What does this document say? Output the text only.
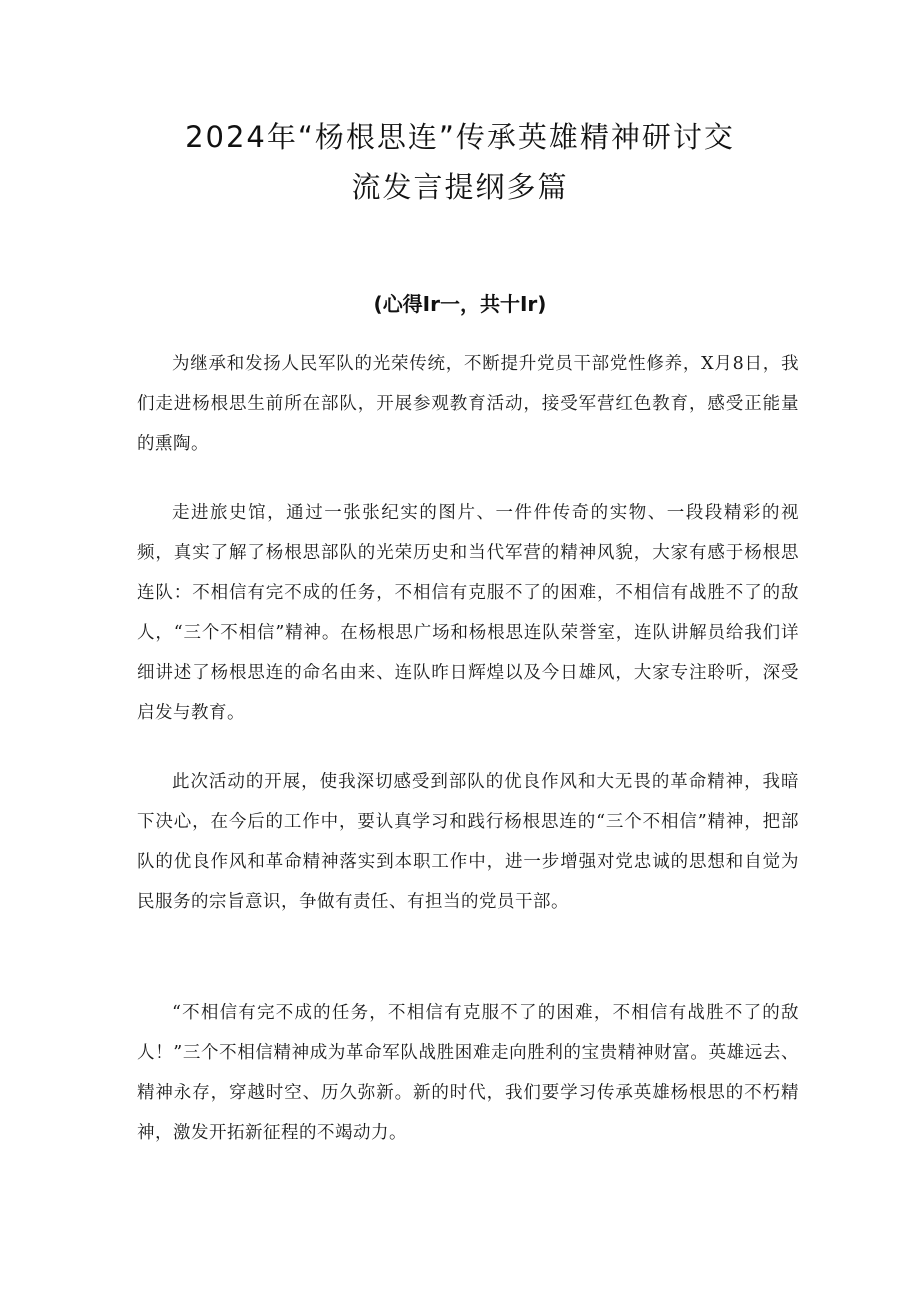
2024年“杨根思连”传承英雄精神研讨交
流发言提纲多篇
(心得Ir一，共十Ir)

为继承和发扬人民军队的光荣传统，不断提升党员干部党性修养，X月8日，我们走进杨根思生前所在部队，开展参观教育活动，接受军营红色教育，感受正能量的熏陶。

走进旅史馆，通过一张张纪实的图片、一件件传奇的实物、一段段精彩的视频，真实了解了杨根思部队的光荣历史和当代军营的精神风貌，大家有感于杨根思连队：不相信有完不成的任务，不相信有克服不了的困难，不相信有战胜不了的敌人，“三个不相信”精神。在杨根思广场和杨根思连队荣誉室，连队讲解员给我们详细讲述了杨根思连的命名由来、连队昨日辉煌以及今日雄风，大家专注聆听，深受启发与教育。

此次活动的开展，使我深切感受到部队的优良作风和大无畏的革命精神，我暗下决心，在今后的工作中，要认真学习和践行杨根思连的“三个不相信”精神，把部队的优良作风和革命精神落实到本职工作中，进一步增强对党忠诚的思想和自觉为民服务的宗旨意识，争做有责任、有担当的党员干部。

“不相信有完不成的任务，不相信有克服不了的困难，不相信有战胜不了的敌人！”三个不相信精神成为革命军队战胜困难走向胜利的宝贵精神财富。英雄远去、精神永存，穿越时空、历久弥新。新的时代，我们要学习传承英雄杨根思的不朽精神，激发开拓新征程的不竭动力。
